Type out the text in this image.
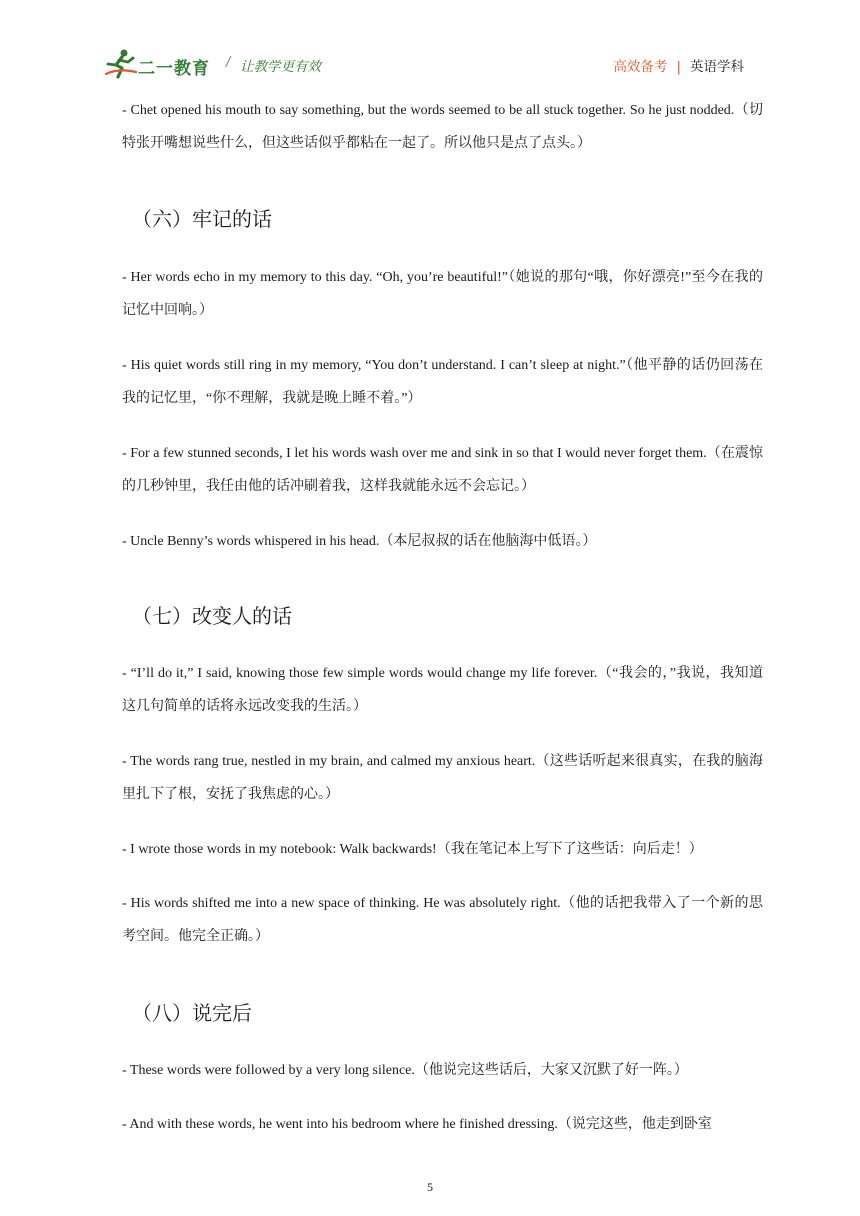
二一教育 / 让教学更有效	高效备考 | 英语学科
- Chet opened his mouth to say something, but the words seemed to be all stuck together. So he just nodded.（切特张开嘴想说些什么，但这些话似乎都粘在一起了。所以他只是点了点头。）
（六）牢记的话
- Her words echo in my memory to this day. “Oh, you’re beautiful!”（她说的那句“哦，你好漂亮!”至今在我的记忆中回响。）
- His quiet words still ring in my memory, “You don’t understand. I can’t sleep at night.”（他平静的话仍回荡在我的记忆里，“你不理解，我就是晚上睡不着。”）
- For a few stunned seconds, I let his words wash over me and sink in so that I would never forget them.（在震惊的几秒钟里，我任由他的话冲刷着我，这样我就能永远不会忘记。）
- Uncle Benny’s words whispered in his head.（本尼叔叔的话在他脑海中低语。）
（七）改变人的话
- “I’ll do it,” I said, knowing those few simple words would change my life forever.（“我会的，”我说，我知道这几句简单的话将永远改变我的生活。）
- The words rang true, nestled in my brain, and calmed my anxious heart.（这些话听起来很真实，在我的脑海里扎下了根，安抚了我焦虑的心。）
- I wrote those words in my notebook: Walk backwards!（我在笔记本上写下了这些话：向后走！）
- His words shifted me into a new space of thinking. He was absolutely right.（他的话把我带入了一个新的思考空间。他完全正确。）
（八）说完后
- These words were followed by a very long silence.（他说完这些话后，大家又沉默了好一阵。）
- And with these words, he went into his bedroom where he finished dressing.（说完这些，他走到卧室
5
